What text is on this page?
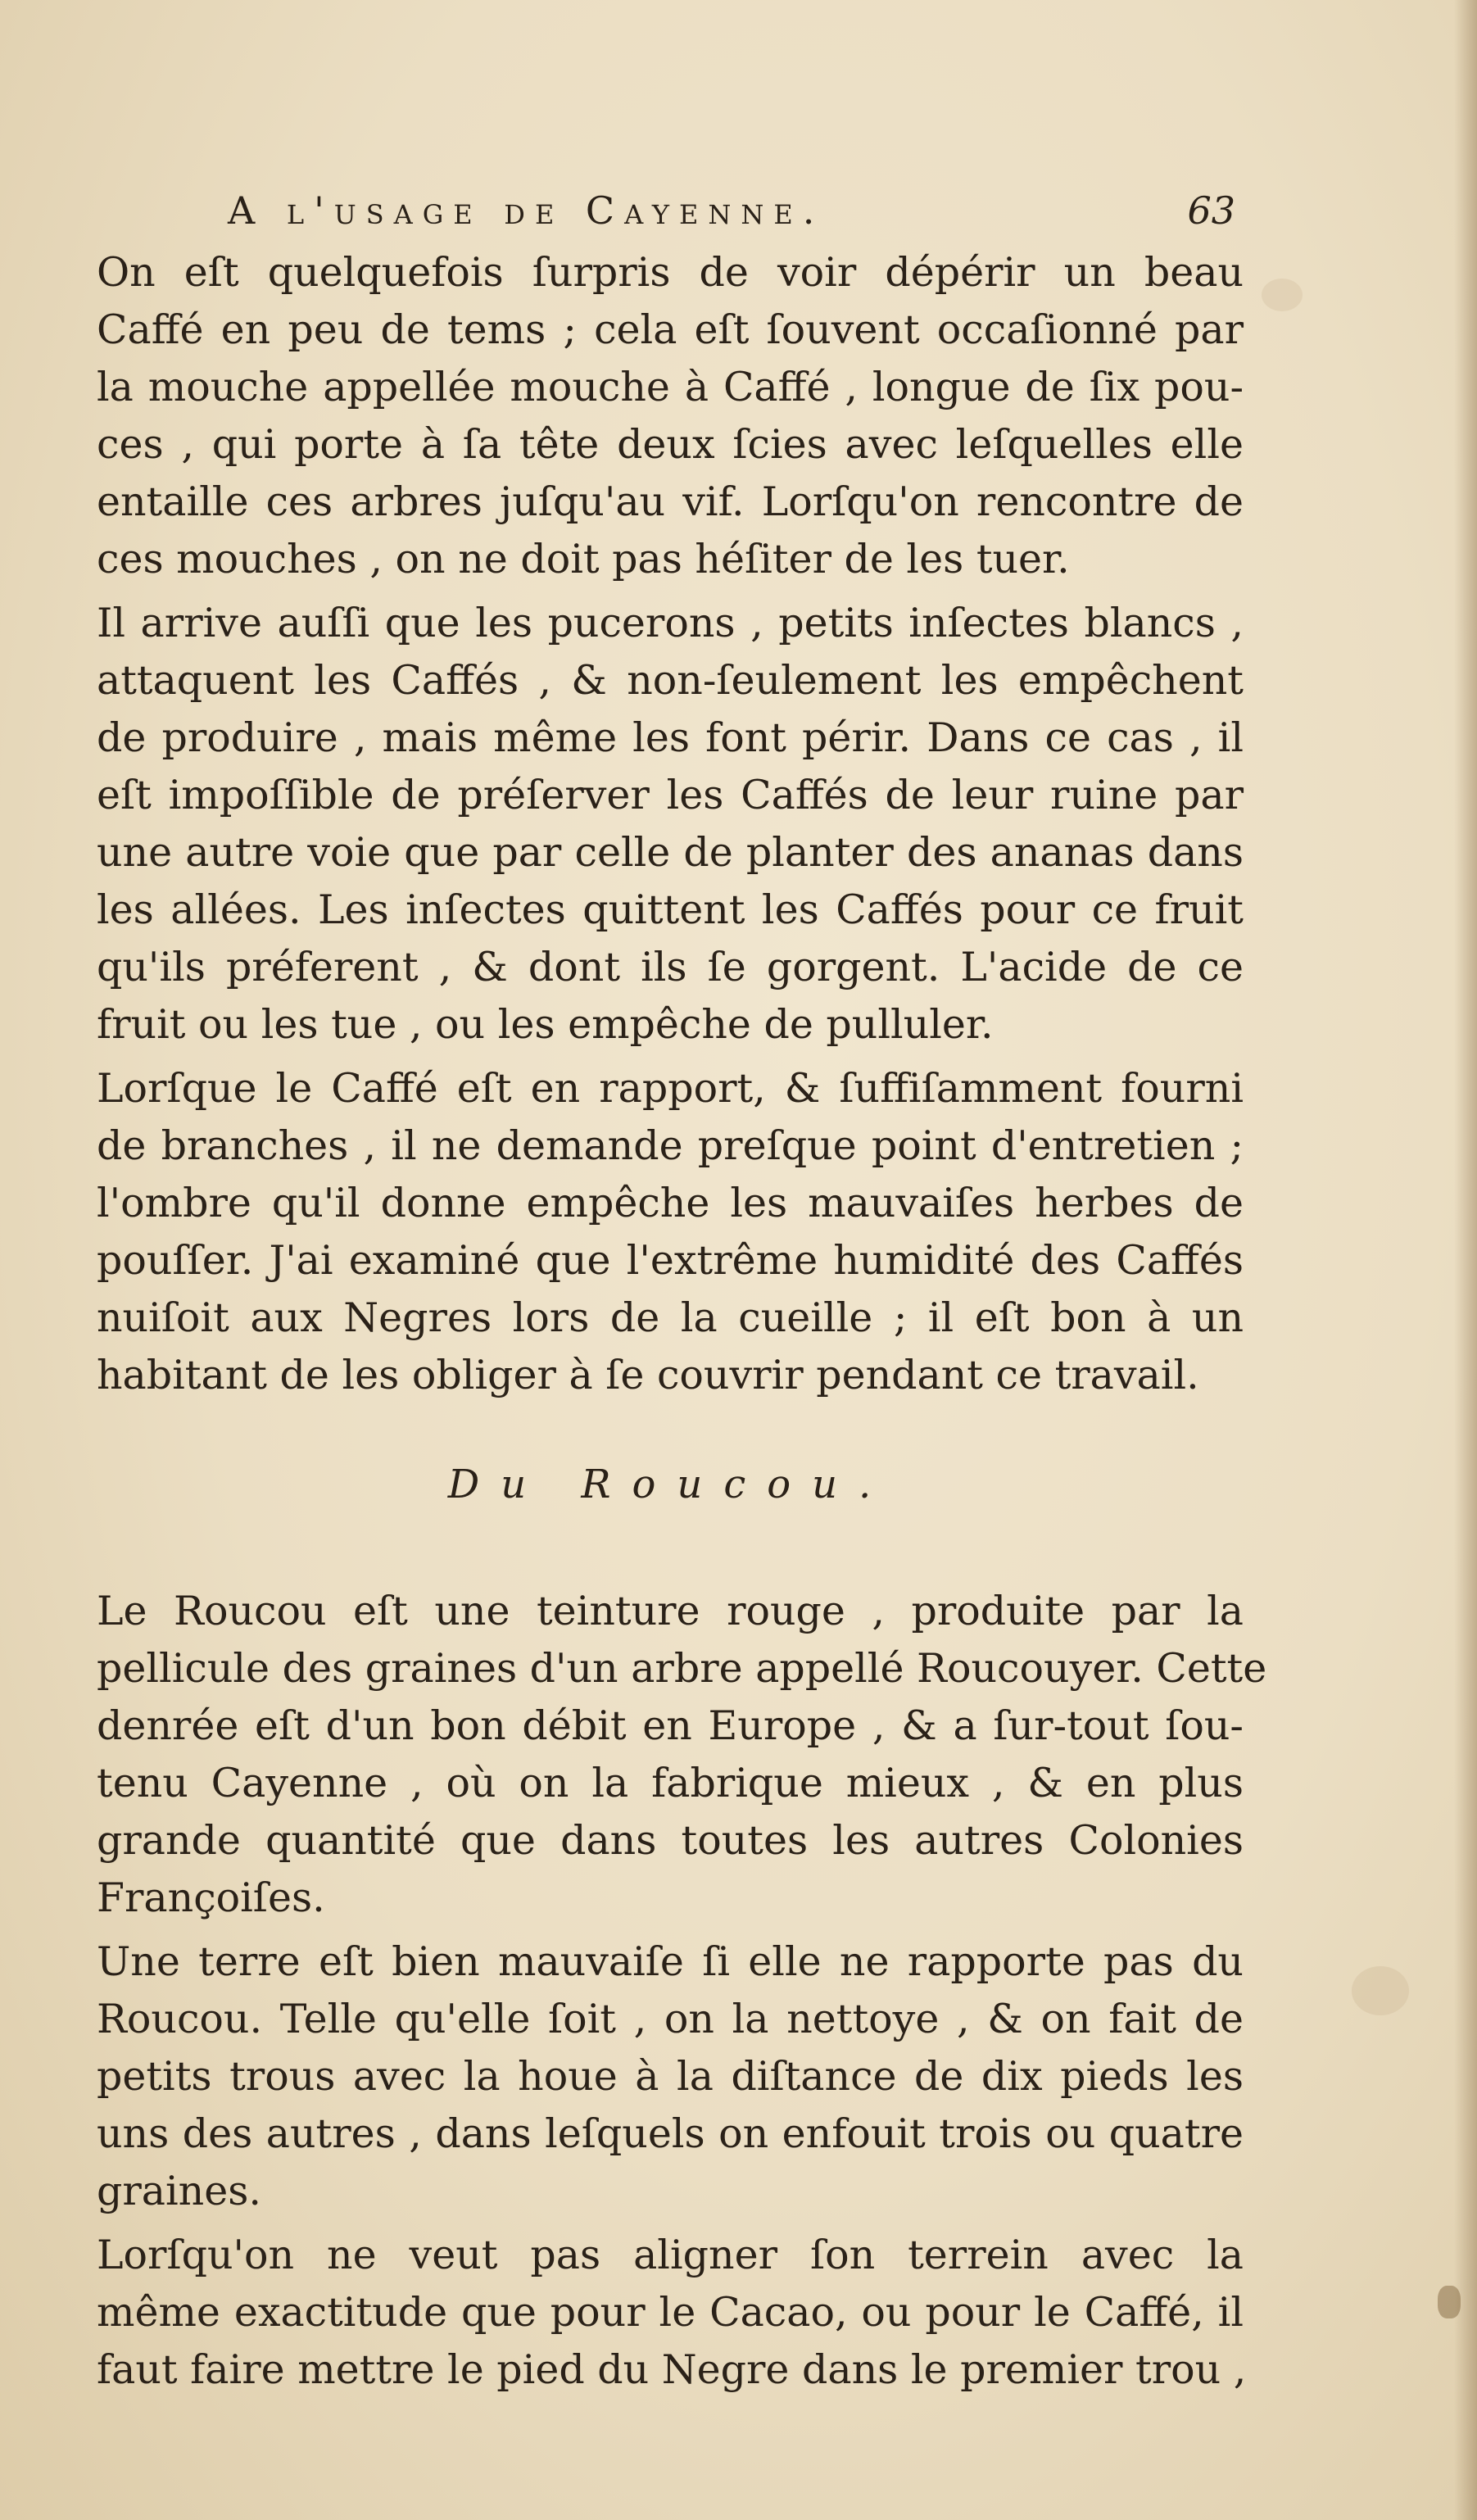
A l'usage de Cayenne.	63

On eſt quelquefois ſurpris de voir dépérir un beau
Caffé en peu de tems ; cela eſt ſouvent occaſionné par
la mouche appellée mouche à Caffé , longue de ſix pou-
ces , qui porte à ſa tête deux ſcies avec leſquelles elle
entaille ces arbres juſqu'au vif. Lorſqu'on rencontre de
ces mouches , on ne doit pas héſiter de les tuer.

Il arrive auſſi que les pucerons , petits inſectes blancs ,
attaquent les Caffés , & non-ſeulement les empêchent
de produire , mais même les font périr. Dans ce cas , il
eſt impoſſible de préſerver les Caffés de leur ruine par
une autre voie que par celle de planter des ananas dans
les allées. Les inſectes quittent les Caffés pour ce fruit
qu'ils préferent , & dont ils ſe gorgent. L'acide de ce
fruit ou les tue , ou les empêche de pulluler.

Lorſque le Caffé eſt en rapport, & ſuffiſamment fourni
de branches , il ne demande preſque point d'entretien ;
l'ombre qu'il donne empêche les mauvaiſes herbes de
pouſſer. J'ai examiné que l'extrême humidité des Caffés
nuiſoit aux Negres lors de la cueille ; il eſt bon à un
habitant de les obliger à ſe couvrir pendant ce travail.

Du Roucou.

Le Roucou eſt une teinture rouge , produite par la
pellicule des graines d'un arbre appellé Roucouyer. Cette
denrée eſt d'un bon débit en Europe , & a ſur-tout ſou-
tenu Cayenne , où on la fabrique mieux , & en plus
grande quantité que dans toutes les autres Colonies
Françoiſes.

Une terre eſt bien mauvaiſe ſi elle ne rapporte pas du
Roucou. Telle qu'elle ſoit , on la nettoye , & on fait de
petits trous avec la houe à la diſtance de dix pieds les
uns des autres , dans leſquels on enfouit trois ou quatre
graines.

Lorſqu'on ne veut pas aligner ſon terrein avec la
même exactitude que pour le Cacao, ou pour le Caffé, il
faut faire mettre le pied du Negre dans le premier trou ,
